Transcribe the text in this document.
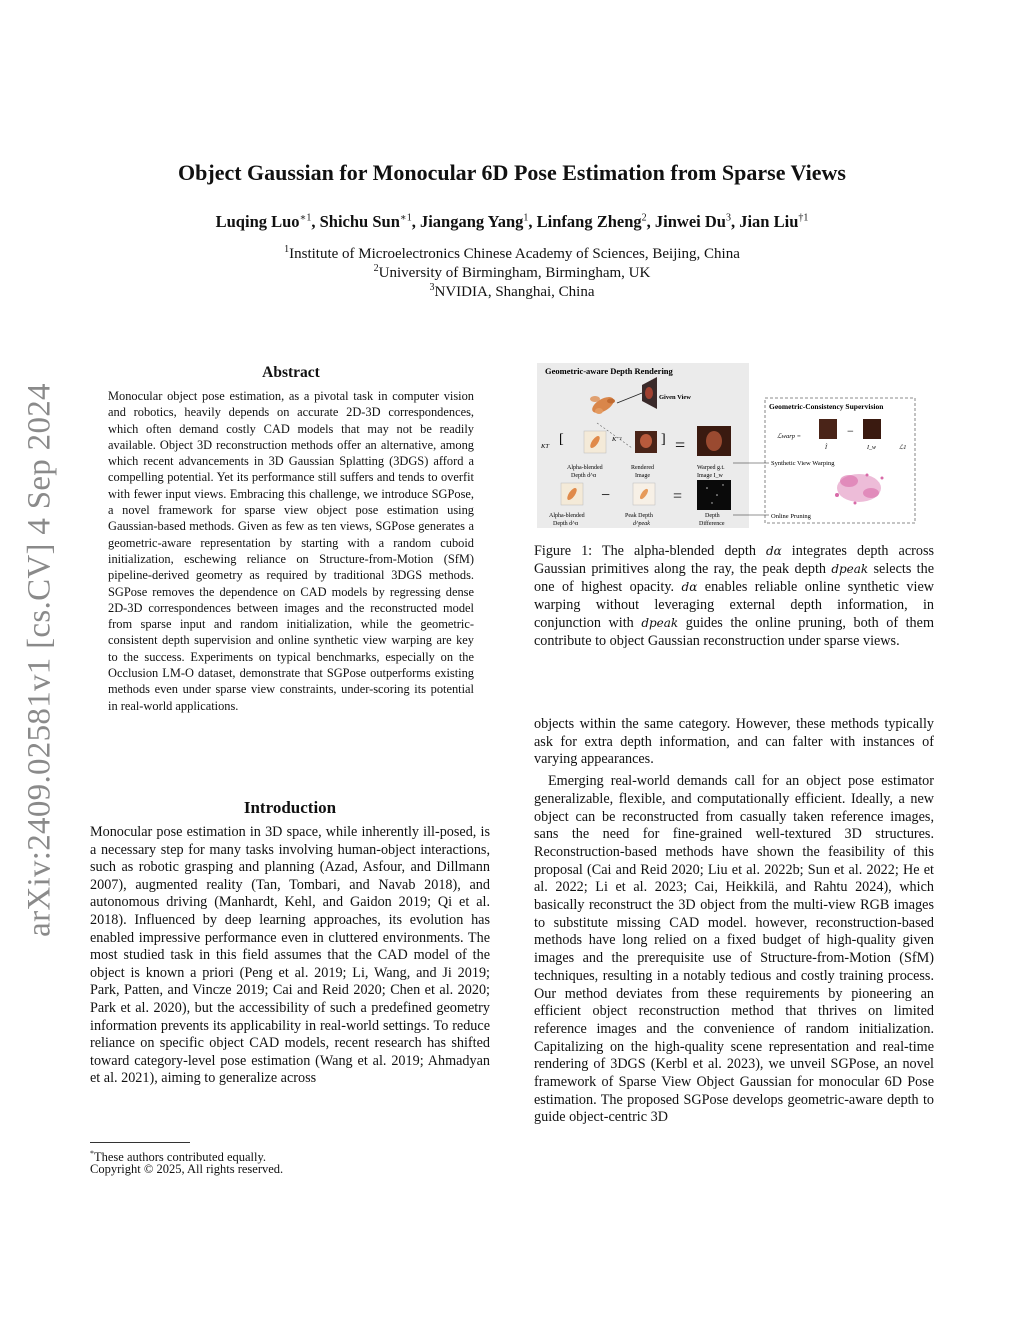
arXiv:2409.02581v1 [cs.CV] 4 Sep 2024
Object Gaussian for Monocular 6D Pose Estimation from Sparse Views
Luqing Luo$^{∗1}$, Shichu Sun$^{∗1}$, Jiangang Yang$^1$, Linfang Zheng$^2$, Jinwei Du$^3$, Jian Liu$^{\dagger 1}$
$^1$Institute of Microelectronics Chinese Academy of Sciences, Beijing, China
$^2$University of Birmingham, Birmingham, UK
$^3$NVIDIA, Shanghai, China
Abstract
Monocular object pose estimation, as a pivotal task in computer vision and robotics, heavily depends on accurate 2D-3D correspondences, which often demand costly CAD models that may not be readily available. Object 3D reconstruction methods offer an alternative, among which recent advancements in 3D Gaussian Splatting (3DGS) afford a compelling potential. Yet its performance still suffers and tends to overfit with fewer input views. Embracing this challenge, we introduce SGPose, a novel framework for sparse view object pose estimation using Gaussian-based methods. Given as few as ten views, SGPose generates a geometric-aware representation by starting with a random cuboid initialization, eschewing reliance on Structure-from-Motion (SfM) pipeline-derived geometry as required by traditional 3DGS methods. SGPose removes the dependence on CAD models by regressing dense 2D-3D correspondences between images and the reconstructed model from sparse input and random initialization, while the geometric-consistent depth supervision and online synthetic view warping are key to the success. Experiments on typical benchmarks, especially on the Occlusion LM-O dataset, demonstrate that SGPose outperforms existing methods even under sparse view constraints, under-scoring its potential in real-world applications.
Introduction
Monocular pose estimation in 3D space, while inherently ill-posed, is a necessary step for many tasks involving human-object interactions, such as robotic grasping and planning (Azad, Asfour, and Dillmann 2007), augmented reality (Tan, Tombari, and Navab 2018), and autonomous driving (Manhardt, Kehl, and Gaidon 2019; Qi et al. 2018). Influenced by deep learning approaches, its evolution has enabled impressive performance even in cluttered environments. The most studied task in this field assumes that the CAD model of the object is known a priori (Peng et al. 2019; Li, Wang, and Ji 2019; Park, Patten, and Vincze 2019; Cai and Reid 2020; Chen et al. 2020; Park et al. 2020), but the accessibility of such a predefined geometry information prevents its applicability in real-world settings. To reduce reliance on specific object CAD models, recent research has shifted toward category-level pose estimation (Wang et al. 2019; Ahmadyan et al. 2021), aiming to generalize across
*These authors contributed equally.
Copyright © 2025, All rights reserved.
Geometric-aware Depth Rendering
Given View
KT [	K⁻¹	] =
Alpha-blended
Depth d^α
Rendered
Image
Warped g.t.
Image I_w
−	=
Alpha-blended
Depth d^α
Peak Depth
d^peak
Depth
Difference
Geometric-Consistency Supervision
ℒwarp =
Î
−
I_w	ℒ1
Synthetic View Warping
Online Pruning
Figure 1: The alpha-blended depth dα integrates depth across Gaussian primitives along the ray, the peak depth dpeak selects the one of highest opacity. dα enables reliable online synthetic view warping without leveraging external depth information, in conjunction with dpeak guides the online pruning, both of them contribute to object Gaussian reconstruction under sparse views.

objects within the same category. However, these methods typically ask for extra depth information, and can falter with instances of varying appearances.

Emerging real-world demands call for an object pose estimator generalizable, flexible, and computationally efficient. Ideally, a new object can be reconstructed from casually taken reference images, sans the need for fine-grained well-textured 3D structures. Reconstruction-based methods have shown the feasibility of this proposal (Cai and Reid 2020; Liu et al. 2022b; Sun et al. 2022; He et al. 2022; Li et al. 2023; Cai, Heikkilä, and Rahtu 2024), which basically reconstruct the 3D object from the multi-view RGB images to substitute missing CAD model. however, reconstruction-based methods have long relied on a fixed budget of high-quality given images and the prerequisite use of Structure-from-Motion (SfM) techniques, resulting in a notably tedious and costly training process. Our method deviates from these requirements by pioneering an efficient object reconstruction method that thrives on limited reference images and the convenience of random initialization. Capitalizing on the high-quality scene representation and real-time rendering of 3DGS (Kerbl et al. 2023), we unveil SGPose, an novel framework of Sparse View Object Gaussian for monocular 6D Pose estimation. The proposed SGPose develops geometric-aware depth to guide object-centric 3D
